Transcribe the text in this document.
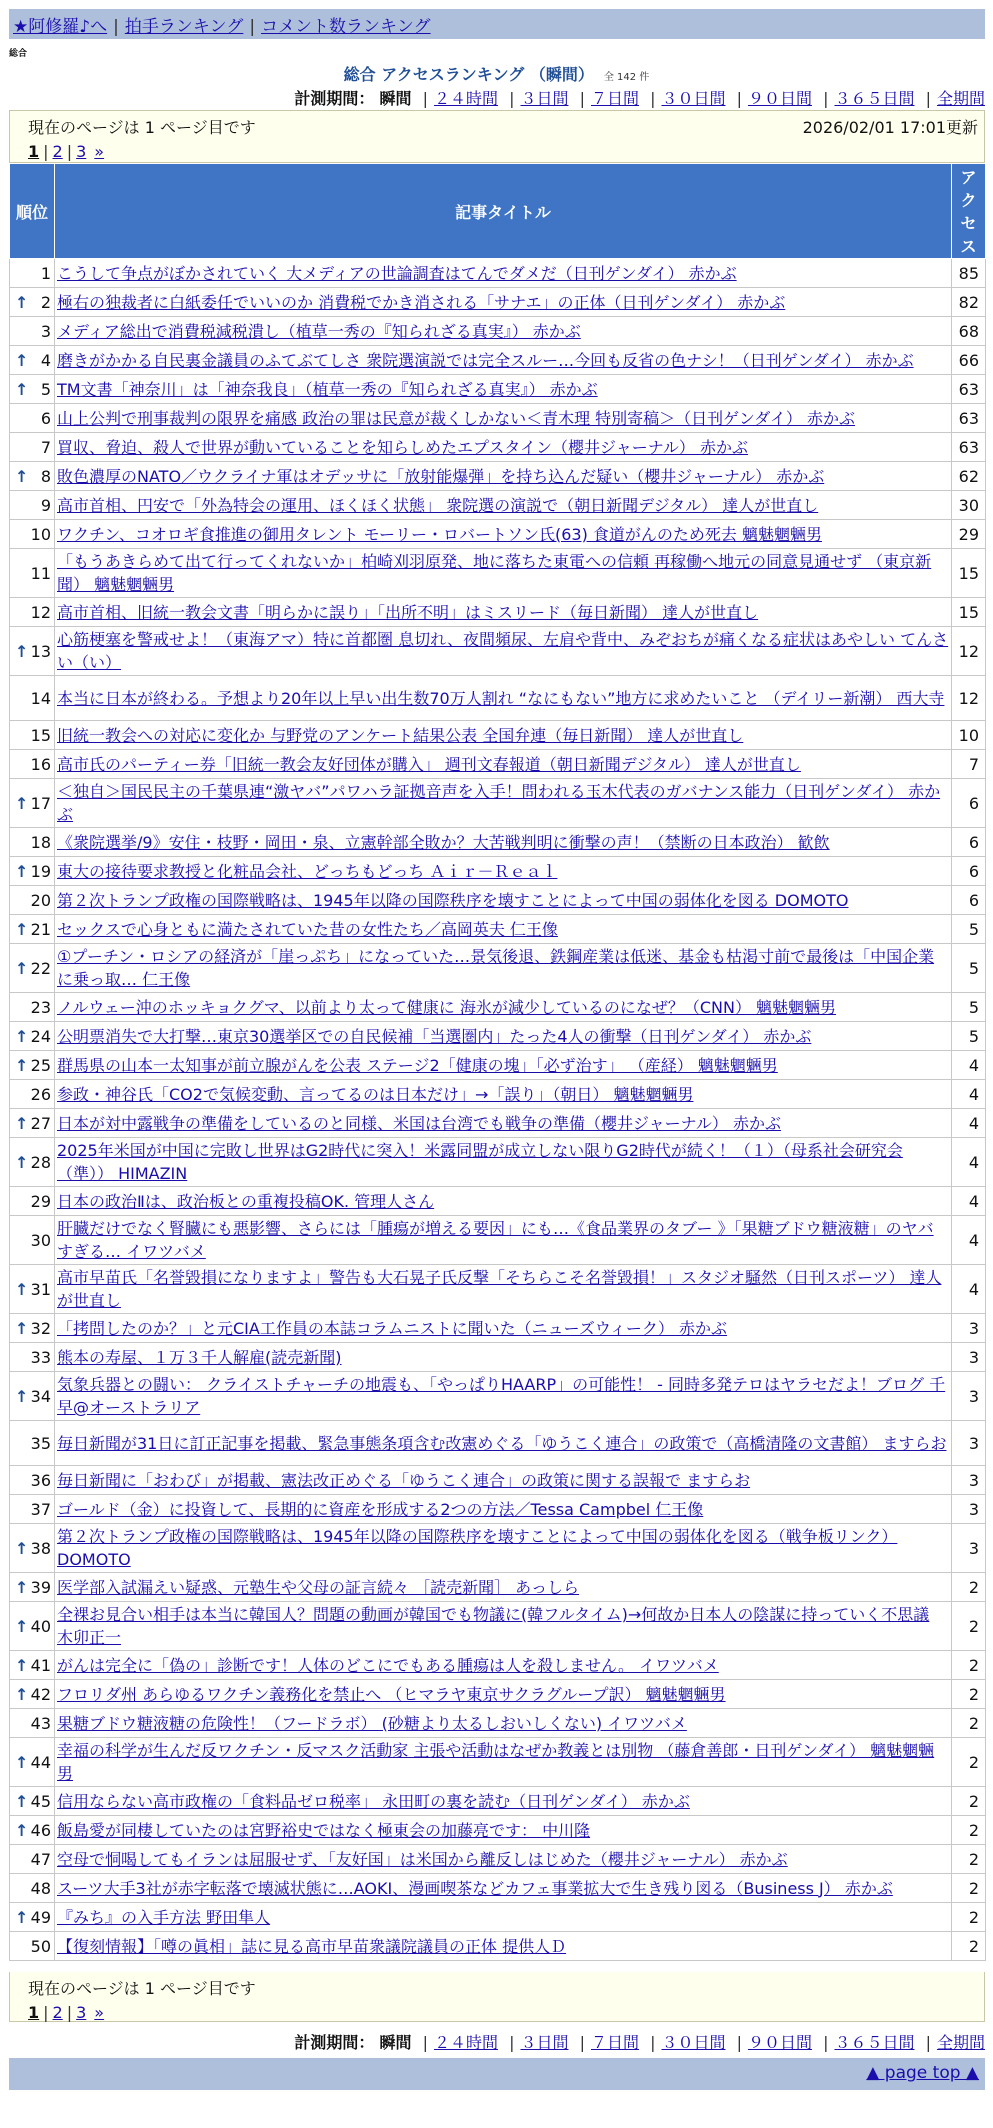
★阿修羅♪へ | 拍手ランキング | コメント数ランキング
総合
総合 アクセスランキング （瞬間） 全 142 件
計測期間： 瞬間 | ２４時間 | ３日間 | ７日間 | ３０日間 | ９０日間 | ３６５日間 | 全期間
現在のページは 1 ページ目です	2026/02/01 17:01更新
1 | 2 | 3 »
順位	記事タイトル	アクセス
1	こうして争点がぼかされていく 大メディアの世論調査はてんでダメだ（日刊ゲンダイ） 赤かぶ	85

↑ 2	極右の独裁者に白紙委任でいいのか 消費税でかき消される「サナエ」の正体（日刊ゲンダイ） 赤かぶ	82
3	メディア総出で消費税減税潰し（植草一秀の『知られざる真実』） 赤かぶ	68

↑ 4	磨きがかかる自民裏金議員のふてぶてしさ 衆院選演説では完全スルー…今回も反省の色ナシ！（日刊ゲンダイ） 赤かぶ	66

↑ 5	TM文書「神奈川」は「神奈我良」（植草一秀の『知られざる真実』） 赤かぶ	63
6	山上公判で刑事裁判の限界を痛感 政治の罪は民意が裁くしかない＜青木理 特別寄稿＞（日刊ゲンダイ） 赤かぶ	63
7	買収、脅迫、殺人で世界が動いていることを知らしめたエプスタイン（櫻井ジャーナル） 赤かぶ	63

↑ 8	敗色濃厚のNATO／ウクライナ軍はオデッサに「放射能爆弾」を持ち込んだ疑い（櫻井ジャーナル） 赤かぶ	62
9	高市首相、円安で「外為特会の運用、ほくほく状態」 衆院選の演説で（朝日新聞デジタル） 達人が世直し	30
10	ワクチン、コオロギ食推進の御用タレント モーリー・ロバートソン氏(63) 食道がんのため死去 魑魅魍魎男	29
11	「もうあきらめて出て行ってくれないか」柏崎刈羽原発、地に落ちた東電への信頼 再稼働へ地元の同意見通せず （東京新聞） 魑魅魍魎男	15
12	高市首相、旧統一教会文書「明らかに誤り」「出所不明」はミスリード（毎日新聞） 達人が世直し	15

↑ 13	心筋梗塞を警戒せよ！（東海アマ）特に首都圏 息切れ、夜間頻尿、左肩や背中、みぞおちが痛くなる症状はあやしい てんさい（い）	12
14	本当に日本が終わる。予想より20年以上早い出生数70万人割れ “なにもない”地方に求めたいこと （デイリー新潮） 西大寺	12
15	旧統一教会への対応に変化か 与野党のアンケート結果公表 全国弁連（毎日新聞） 達人が世直し	10
16	高市氏のパーティー券「旧統一教会友好団体が購入」 週刊文春報道（朝日新聞デジタル） 達人が世直し	7

↑ 17	＜独自＞国民民主の千葉県連“激ヤバ”パワハラ証拠音声を入手！問われる玉木代表のガバナンス能力（日刊ゲンダイ） 赤かぶ	6
18	《衆院選挙/9》安住・枝野・岡田・泉、立憲幹部全敗か？大苦戦判明に衝撃の声！（禁断の日本政治） 歓飲	6

↑ 19	東大の接待要求教授と化粧品会社、どっちもどっち Ａｉｒ－Ｒｅａｌ	6
20	第２次トランプ政権の国際戦略は、1945年以降の国際秩序を壊すことによって中国の弱体化を図る DOMOTO	6

↑ 21	セックスで心身ともに満たされていた昔の女性たち／高岡英夫 仁王像	5

↑ 22	①プーチン・ロシアの経済が「崖っぷち」になっていた…景気後退、鉄鋼産業は低迷、基金も枯渇寸前で最後は「中国企業に乗っ取… 仁王像	5
23	ノルウェー沖のホッキョクグマ、以前より太って健康に 海氷が減少しているのになぜ？（CNN） 魑魅魍魎男	5

↑ 24	公明票消失で大打撃…東京30選挙区での自民候補「当選圏内」たった4人の衝撃（日刊ゲンダイ） 赤かぶ	5

↑ 25	群馬県の山本一太知事が前立腺がんを公表 ステージ2「健康の塊」「必ず治す」 （産経） 魑魅魍魎男	4
26	参政・神谷氏「CO2で気候変動、言ってるのは日本だけ」→「誤り」（朝日） 魑魅魍魎男	4

↑ 27	日本が対中露戦争の準備をしているのと同様、米国は台湾でも戦争の準備（櫻井ジャーナル） 赤かぶ	4

↑ 28	2025年米国が中国に完敗し世界はG2時代に突入！米露同盟が成立しない限りG2時代が続く！（１）（母系社会研究会（準）） HIMAZIN	4
29	日本の政治Ⅱは、政治板との重複投稿OK. 管理人さん	4
30	肝臓だけでなく腎臓にも悪影響、さらには「腫瘍が増える要因」にも…《食品業界のタブー 》「果糖ブドウ糖液糖」のヤバすぎる… イワツバメ	4

↑ 31	高市早苗氏「名誉毀損になりますよ」警告も大石晃子氏反撃「そちらこそ名誉毀損！」スタジオ騒然（日刊スポーツ） 達人が世直し	4

↑ 32	「拷問したのか？」と元CIA工作員の本誌コラムニストに聞いた（ニューズウィーク） 赤かぶ	3
33	熊本の寿屋、１万３千人解雇(読売新聞)	3

↑ 34	気象兵器との闘い： クライストチャーチの地震も、「やっぱりHAARP」の可能性！ - 同時多発テロはヤラセだよ！ブログ 千早@オーストラリア	3
35	毎日新聞が31日に訂正記事を掲載、緊急事態条項含む改憲めぐる「ゆうこく連合」の政策で（高橋清隆の文書館） ますらお	3
36	毎日新聞に「おわび」が掲載、憲法改正めぐる「ゆうこく連合」の政策に関する誤報で ますらお	3
37	ゴールド（金）に投資して、長期的に資産を形成する2つの方法／Tessa Campbel 仁王像	3

↑ 38	第２次トランプ政権の国際戦略は、1945年以降の国際秩序を壊すことによって中国の弱体化を図る（戦争板リンク） DOMOTO	3

↑ 39	医学部入試漏えい疑惑、元塾生や父母の証言続々 ［読売新聞］ あっしら	2

↑ 40	全裸お見合い相手は本当に韓国人？問題の動画が韓国でも物議に(韓フルタイム)→何故か日本人の陰謀に持っていく不思議 木卯正一	2

↑ 41	がんは完全に「偽の」診断です！人体のどこにでもある腫瘍は人を殺しません。 イワツバメ	2

↑ 42	フロリダ州 あらゆるワクチン義務化を禁止へ （ヒマラヤ東京サクラグループ訳） 魑魅魍魎男	2
43	果糖ブドウ糖液糖の危険性！（フードラボ） (砂糖より太るしおいしくない) イワツバメ	2

↑ 44	幸福の科学が生んだ反ワクチン・反マスク活動家 主張や活動はなぜか教義とは別物 （藤倉善郎・日刊ゲンダイ） 魑魅魍魎男	2

↑ 45	信用ならない高市政権の「食料品ゼロ税率」 永田町の裏を読む（日刊ゲンダイ） 赤かぶ	2

↑ 46	飯島愛が同棲していたのは宮野裕史ではなく極東会の加藤亮です： 中川隆	2
47	空母で恫喝してもイランは屈服せず、「友好国」は米国から離反しはじめた（櫻井ジャーナル） 赤かぶ	2
48	スーツ大手3社が赤字転落で壊滅状態に…AOKI、漫画喫茶などカフェ事業拡大で生き残り図る（Business J） 赤かぶ	2

↑ 49	『みち』の入手方法 野田隼人	2
50	【復刻情報】「噂の眞相」誌に見る高市早苗衆議院議員の正体 提供人Ｄ	2
現在のページは 1 ページ目です
1 | 2 | 3 »
計測期間： 瞬間 | ２４時間 | ３日間 | ７日間 | ３０日間 | ９０日間 | ３６５日間 | 全期間
▲ page top ▲
